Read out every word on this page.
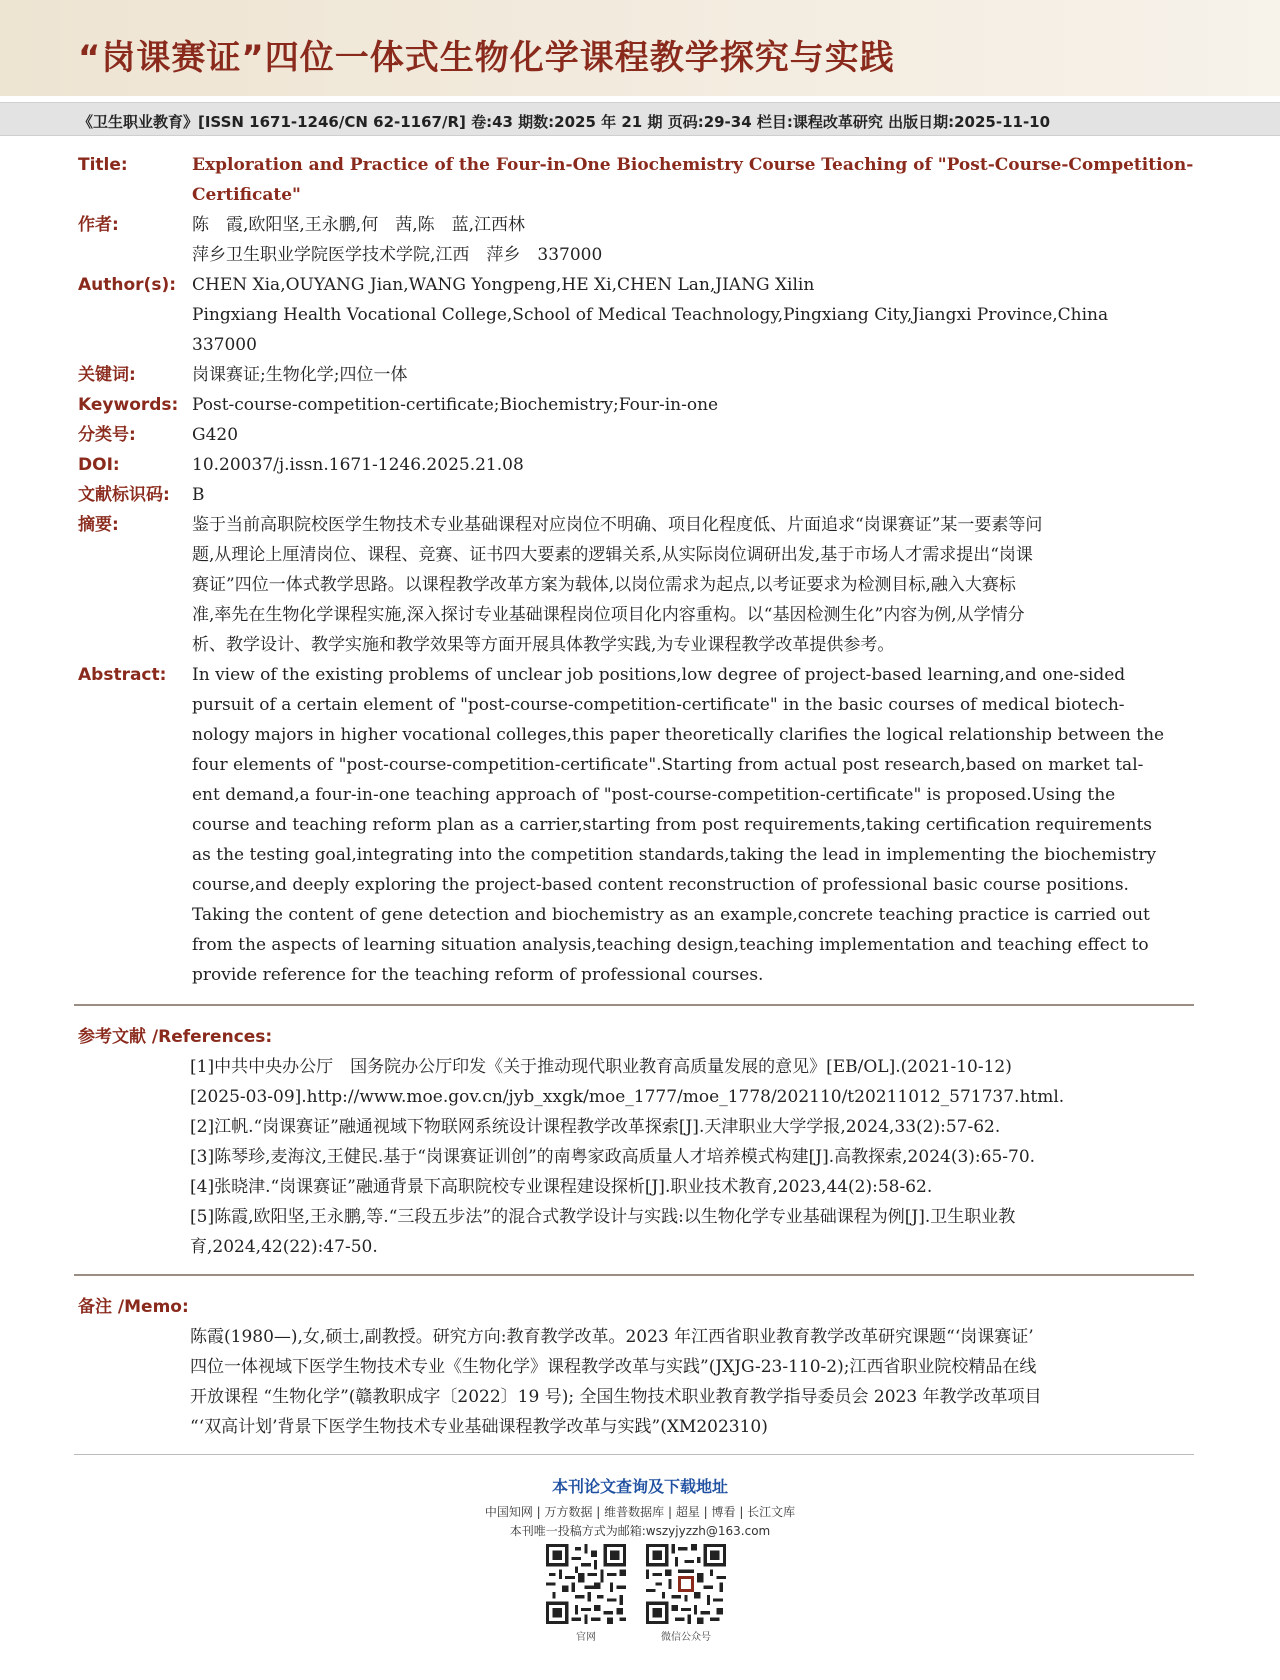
“岗课赛证”四位一体式生物化学课程教学探究与实践
《卫生职业教育》[ISSN 1671-1246/CN 62-1167/R] 卷:43 期数:2025 年 21 期 页码:29-34 栏目:课程改革研究 出版日期:2025-11-10
Title:	Exploration and Practice of the Four-in-One Biochemistry Course Teaching of "Post-Course-Competition-
Certificate"
作者:	陈　霞,欧阳坚,王永鹏,何　茜,陈　蓝,江西林
萍乡卫生职业学院医学技术学院,江西　萍乡　337000
Author(s): CHEN Xia,OUYANG Jian,WANG Yongpeng,HE Xi,CHEN Lan,JIANG Xilin
Pingxiang Health Vocational College,School of Medical Teachnology,Pingxiang City,Jiangxi Province,China
337000
关键词:	岗课赛证;生物化学;四位一体
Keywords: Post-course-competition-certificate;Biochemistry;Four-in-one
分类号:	G420
DOI:	10.20037/j.issn.1671-1246.2025.21.08
文献标识码:	B
摘要:	鉴于当前高职院校医学生物技术专业基础课程对应岗位不明确、项目化程度低、片面追求“岗课赛证”某一要素等问
题,从理论上厘清岗位、课程、竞赛、证书四大要素的逻辑关系,从实际岗位调研出发,基于市场人才需求提出“岗课
赛证”四位一体式教学思路。以课程教学改革方案为载体,以岗位需求为起点,以考证要求为检测目标,融入大赛标
准,率先在生物化学课程实施,深入探讨专业基础课程岗位项目化内容重构。以“基因检测生化”内容为例,从学情分
析、教学设计、教学实施和教学效果等方面开展具体教学实践,为专业课程教学改革提供参考。
Abstract:	In view of the existing problems of unclear job positions,low degree of project-based learning,and one-sided
pursuit of a certain element of "post-course-competition-certificate" in the basic courses of medical biotech-
nology majors in higher vocational colleges,this paper theoretically clarifies the logical relationship between the
four elements of "post-course-competition-certificate".Starting from actual post research,based on market tal-
ent demand,a four-in-one teaching approach of "post-course-competition-certificate" is proposed.Using the
course and teaching reform plan as a carrier,starting from post requirements,taking certification requirements
as the testing goal,integrating into the competition standards,taking the lead in implementing the biochemistry
course,and deeply exploring the project-based content reconstruction of professional basic course positions.
Taking the content of gene detection and biochemistry as an example,concrete teaching practice is carried out
from the aspects of learning situation analysis,teaching design,teaching implementation and teaching effect to
provide reference for the teaching reform of professional courses.
参考文献 /References:
[1]中共中央办公厅　国务院办公厅印发《关于推动现代职业教育高质量发展的意见》[EB/OL].(2021-10-12)
[2025-03-09].http://www.moe.gov.cn/jyb_xxgk/moe_1777/moe_1778/202110/t20211012_571737.html.
[2]江帆.“岗课赛证”融通视域下物联网系统设计课程教学改革探索[J].天津职业大学学报,2024,33(2):57-62.
[3]陈琴珍,麦海汶,王健民.基于“岗课赛证训创”的南粤家政高质量人才培养模式构建[J].高教探索,2024(3):65-70.
[4]张晓津.“岗课赛证”融通背景下高职院校专业课程建设探析[J].职业技术教育,2023,44(2):58-62.
[5]陈霞,欧阳坚,王永鹏,等.“三段五步法”的混合式教学设计与实践:以生物化学专业基础课程为例[J].卫生职业教
育,2024,42(22):47-50.
备注 /Memo:
陈霞(1980—),女,硕士,副教授。研究方向:教育教学改革。2023 年江西省职业教育教学改革研究课题“‘岗课赛证’
四位一体视域下医学生物技术专业《生物化学》课程教学改革与实践”(JXJG-23-110-2);江西省职业院校精品在线
开放课程 “生物化学”(赣教职成字〔2022〕19 号); 全国生物技术职业教育教学指导委员会 2023 年教学改革项目
“‘双高计划’背景下医学生物技术专业基础课程教学改革与实践”(XM202310)
本刊论文查询及下载地址
中国知网 | 万方数据 | 维普数据库 | 超星 | 博看 | 长江文库
本刊唯一投稿方式为邮箱:wszyjyzzh@163.com
官网	微信公众号
